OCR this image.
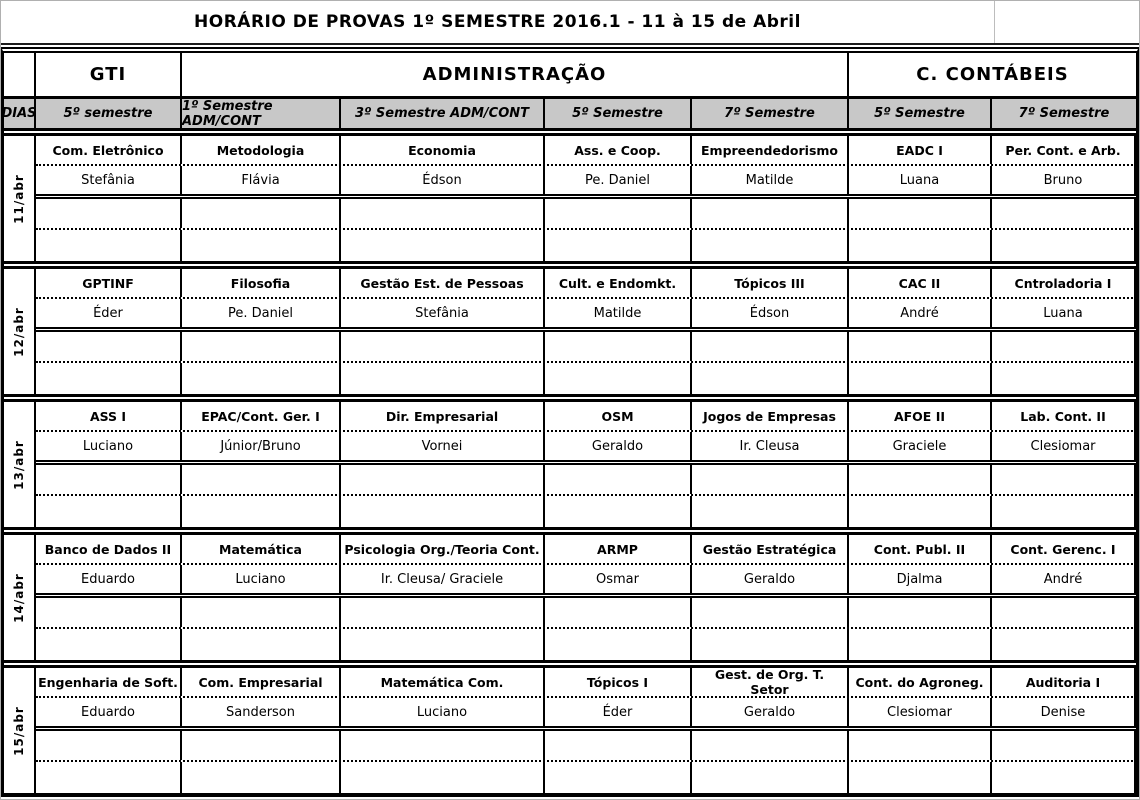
HORÁRIO DE PROVAS 1º SEMESTRE 2016.1 - 11 à 15 de Abril
GTI	ADMINISTRAÇÃO	C. CONTÁBEIS
DIAS	5º semestre	1º Semestre ADM/CONT	3º Semestre ADM/CONT	5º Semestre	7º Semestre	5º Semestre	7º Semestre
11/abr
Com. Eletrônico	Metodologia	Economia	Ass. e Coop.	Empreendedorismo	EADC I	Per. Cont. e Arb.
Stefânia	Flávia	Édson	Pe. Daniel	Matilde	Luana	Bruno
12/abr
GPTINF	Filosofia	Gestão Est. de Pessoas	Cult. e Endomkt.	Tópicos III	CAC II	Cntroladoria I
Éder	Pe. Daniel	Stefânia	Matilde	Édson	André	Luana
13/abr
ASS I	EPAC/Cont. Ger. I	Dir. Empresarial	OSM	Jogos de Empresas	AFOE II	Lab. Cont. II
Luciano	Júnior/Bruno	Vornei	Geraldo	Ir. Cleusa	Graciele	Clesiomar
14/abr
Banco de Dados II	Matemática	Psicologia Org./Teoria Cont.	ARMP	Gestão Estratégica	Cont. Publ. II	Cont. Gerenc. I
Eduardo	Luciano	Ir. Cleusa/ Graciele	Osmar	Geraldo	Djalma	André
15/abr
Engenharia de Soft.	Com. Empresarial	Matemática Com.	Tópicos I	Gest. de Org. T. Setor	Cont. do Agroneg.	Auditoria I
Eduardo	Sanderson	Luciano	Éder	Geraldo	Clesiomar	Denise
